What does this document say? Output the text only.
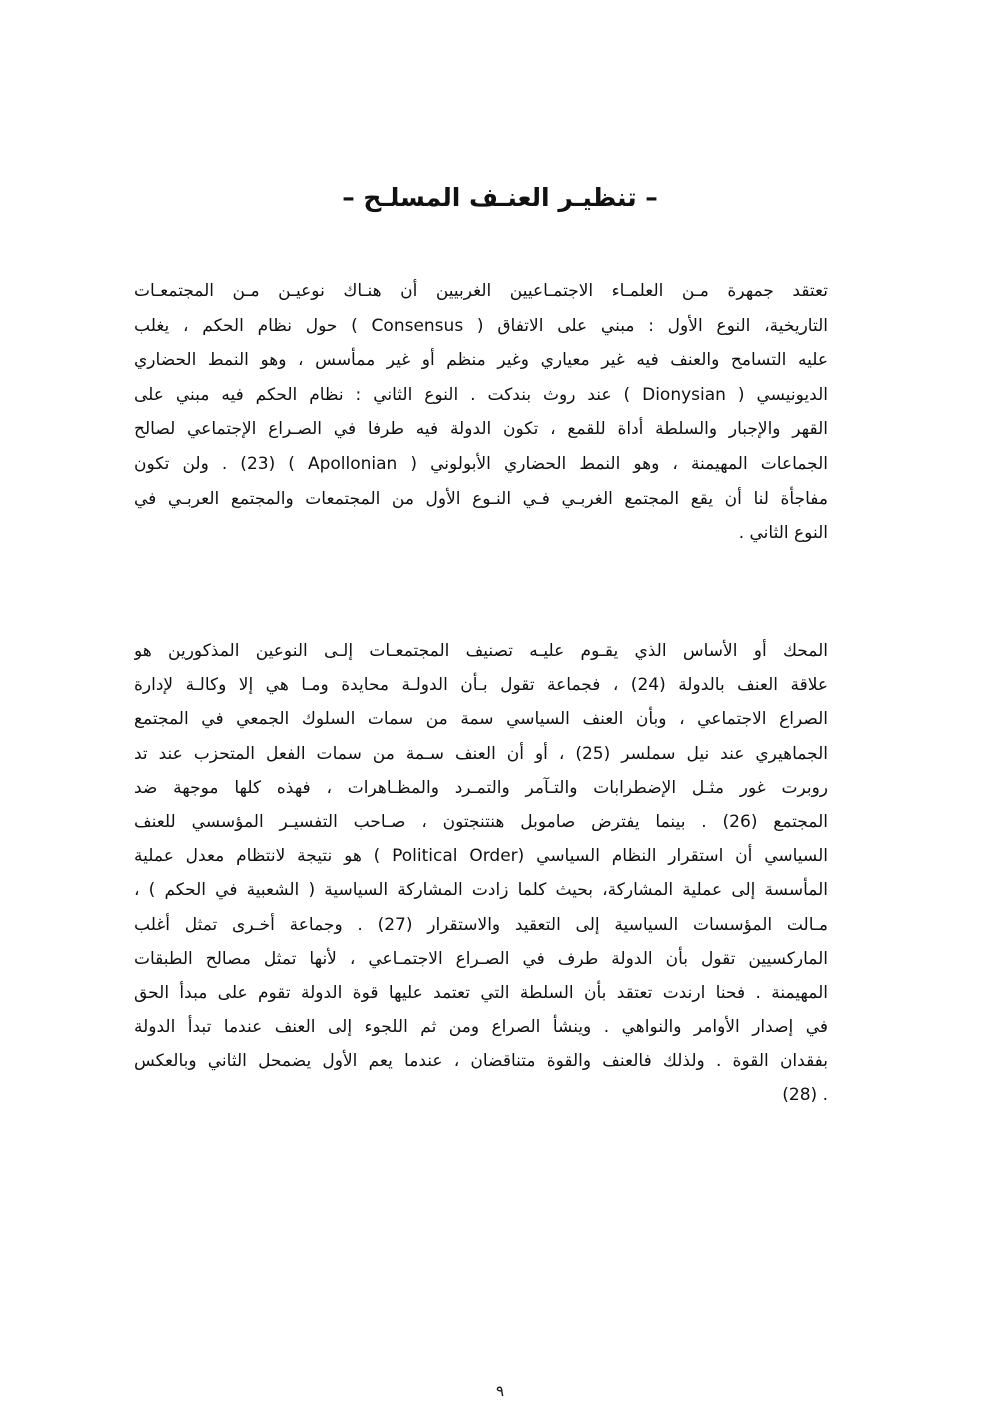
– تنظيـر العنـف المسلـح –
تعتقد جمهرة مـن العلمـاء الاجتمـاعيين الغربيين أن هنـاك نوعيـن مـن المجتمعـات
التاريخية، النوع الأول : مبني على الاتفاق ( Consensus ) حول نظام الحكم ، يغلب
عليه التسامح والعنف فيه غير معياري وغير منظم أو غير ممأسس ، وهو النمط الحضاري
الديونيسي ( Dionysian ) عند روث بندكت . النوع الثاني : نظام الحكم فيه مبني على
القهر والإجبار والسلطة أداة للقمع ، تكون الدولة فيه طرفا في الصـراع الإجتماعي لصالح
الجماعات المهيمنة ، وهو النمط الحضاري الأبولوني ( Apollonian ) (23) . ولن تكون
مفاجأة لنا أن يقع المجتمع الغربـي فـي النـوع الأول من المجتمعات والمجتمع العربـي في
النوع الثاني .
المحك أو الأساس الذي يقـوم عليـه تصنيف المجتمعـات إلـى النوعين المذكورين هو
علاقة العنف بالدولة (24) ، فجماعة تقول بـأن الدولـة محايدة ومـا هي إلا وكالـة لإدارة
الصراع الاجتماعي ، وبأن العنف السياسي سمة من سمات السلوك الجمعي في المجتمع
الجماهيري عند نيل سملسر (25) ، أو أن العنف سـمة من سمات الفعل المتحزب عند تد
روبرت غور مثـل الإضطرابات والتـآمر والتمـرد والمظـاهرات ، فهذه كلها موجهة ضد
المجتمع (26) . بينما يفترض صاموبل هنتنجتون ، صـاحب التفسيـر المؤسسي للعنف
السياسي أن استقرار النظام السياسي (Political Order ) هو نتيجة لانتظام معدل عملية
المأسسة إلى عملية المشاركة، بحيث كلما زادت المشاركة السياسية ( الشعبية في الحكم ) ،
مـالت المؤسسات السياسية إلى التعقيد والاستقرار (27) . وجماعة أخـرى تمثل أغلب
الماركسيين تقول بأن الدولة طرف في الصـراع الاجتمـاعي ، لأنها تمثل مصالح الطبقات
المهيمنة . فحنا ارندت تعتقد بأن السلطة التي تعتمد عليها قوة الدولة تقوم على مبدأ الحق
في إصدار الأوامر والنواهي . وينشأ الصراع ومن ثم اللجوء إلى العنف عندما تبدأ الدولة
بفقدان القوة . ولذلك فالعنف والقوة متناقضان ، عندما يعم الأول يضمحل الثاني وبالعكس
. (28)
٩
